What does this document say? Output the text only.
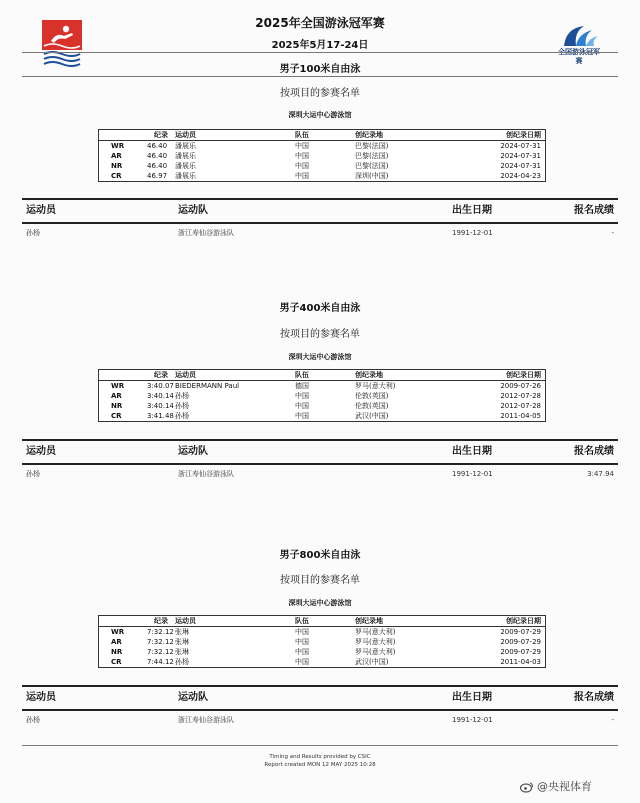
2025年全国游泳冠军赛
2025年5月17-24日
全国游泳冠军赛
男子100米自由泳
按项目的参赛名单
深圳大运中心游泳馆
纪录 运动员	队伍	创纪录地	创纪录日期
WR	46.40 潘展乐	中国	巴黎(法国)	2024-07-31
AR	46.40 潘展乐	中国	巴黎(法国)	2024-07-31
NR	46.40 潘展乐	中国	巴黎(法国)	2024-07-31
CR	46.97 潘展乐	中国	深圳(中国)	2024-04-23
运动员	运动队	出生日期	报名成绩
孙杨	浙江寿仙谷游泳队	1991-12-01	-
男子400米自由泳
按项目的参赛名单
深圳大运中心游泳馆
纪录 运动员	队伍	创纪录地	创纪录日期
WR	3:40.07 BIEDERMANN Paul	德国	罗马(意大利)	2009-07-26
AR	3:40.14 孙杨	中国	伦敦(英国)	2012-07-28
NR	3:40.14 孙杨	中国	伦敦(英国)	2012-07-28
CR	3:41.48 孙杨	中国	武汉(中国)	2011-04-05
运动员	运动队	出生日期	报名成绩
孙杨	浙江寿仙谷游泳队	1991-12-01	3:47.94
男子800米自由泳
按项目的参赛名单
深圳大运中心游泳馆
纪录 运动员	队伍	创纪录地	创纪录日期
WR	7:32.12 张琳	中国	罗马(意大利)	2009-07-29
AR	7:32.12 张琳	中国	罗马(意大利)	2009-07-29
NR	7:32.12 张琳	中国	罗马(意大利)	2009-07-29
CR	7:44.12 孙杨	中国	武汉(中国)	2011-04-03
运动员	运动队	出生日期	报名成绩
孙杨	浙江寿仙谷游泳队	1991-12-01	-
Timing and Results provided by CSIC
Report created MON 12 MAY 2025 10:28
@央视体育
